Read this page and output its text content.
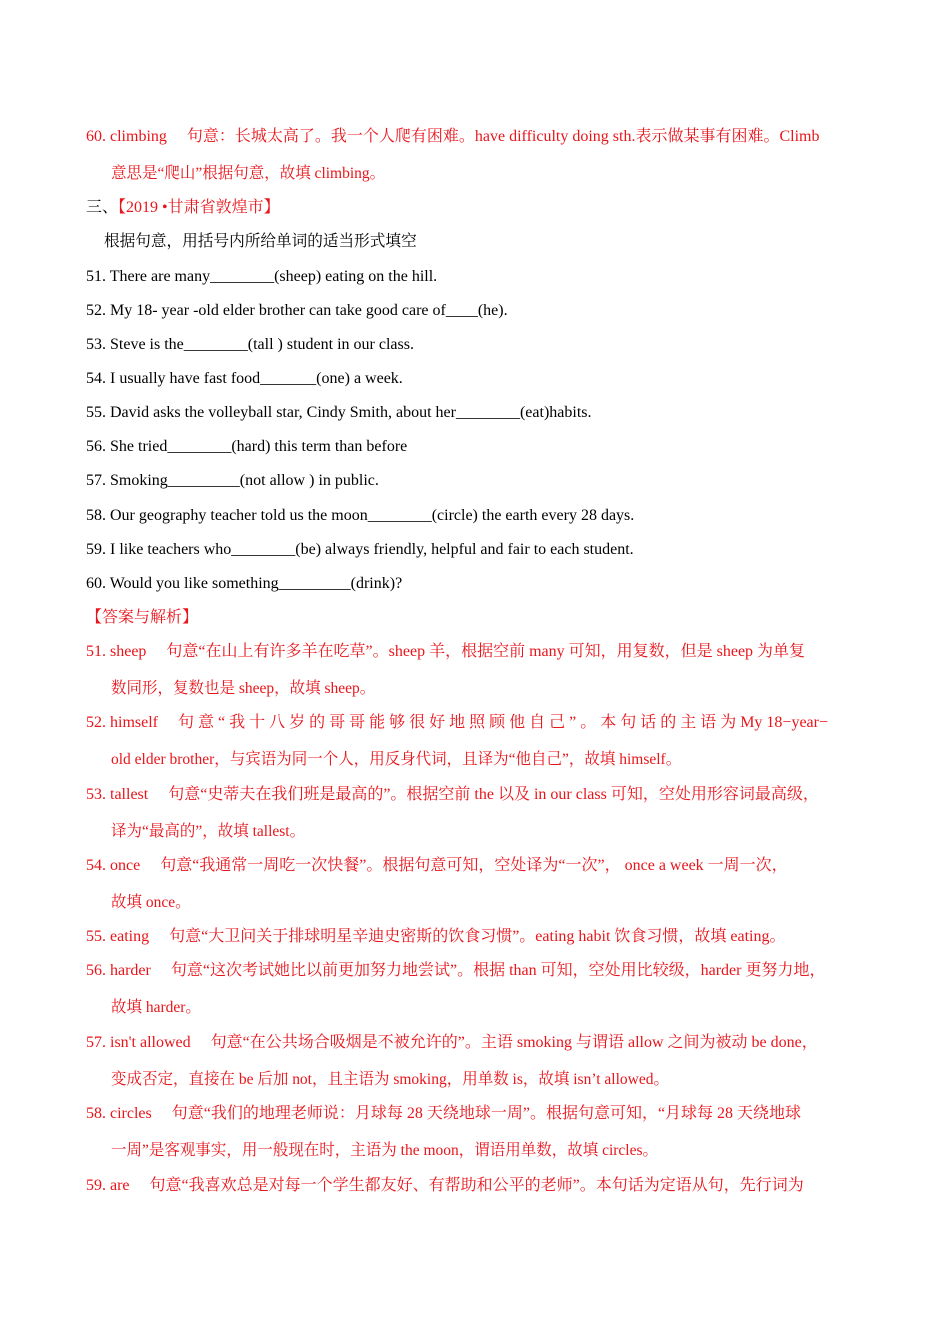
60. climbing　 句意：长城太高了。我一个人爬有困难。have difficulty doing sth.表示做某事有困难。Climb
意思是“爬山”根据句意，故填 climbing。
三、【2019 •甘肃省敦煌市】
根据句意，用括号内所给单词的适当形式填空
51. There are many________(sheep) eating on the hill.
52. My 18- year -old elder brother can take good care of____(he).
53. Steve is the________(tall ) student in our class.
54. I usually have fast food_______(one) a week.
55. David asks the volleyball star, Cindy Smith, about her________(eat)habits.
56. She tried________(hard) this term than before
57. Smoking_________(not allow ) in public.
58. Our geography teacher told us the moon________(circle) the earth every 28 days.
59. I like teachers who________(be) always friendly, helpful and fair to each student.
60. Would you like something_________(drink)?
【答案与解析】
51. sheep　 句意“在山上有许多羊在吃草”。sheep 羊，根据空前 many 可知，用复数，但是 sheep 为单复
数同形，复数也是 sheep，故填 sheep。
52. himself　 句 意 “ 我 十 八 岁 的 哥 哥 能 够 很 好 地 照 顾 他 自 己 ” 。 本 句 话 的 主 语 为 My 18−year−
old elder brother，与宾语为同一个人，用反身代词，且译为“他自己”，故填 himself。
53. tallest　 句意“史蒂夫在我们班是最高的”。根据空前 the 以及 in our class 可知，空处用形容词最高级，
译为“最高的”，故填 tallest。
54. once　 句意“我通常一周吃一次快餐”。根据句意可知，空处译为“一次”， once a week 一周一次，
故填 once。
55. eating　 句意“大卫问关于排球明星辛迪史密斯的饮食习惯”。eating habit 饮食习惯，故填 eating。
56. harder　 句意“这次考试她比以前更加努力地尝试”。根据 than 可知，空处用比较级，harder 更努力地，
故填 harder。
57. isn't allowed　 句意“在公共场合吸烟是不被允许的”。主语 smoking 与谓语 allow 之间为被动 be done，
变成否定，直接在 be 后加 not，且主语为 smoking，用单数 is，故填 isn’t allowed。
58. circles　 句意“我们的地理老师说：月球每 28 天绕地球一周”。根据句意可知，“月球每 28 天绕地球
一周”是客观事实，用一般现在时，主语为 the moon，谓语用单数，故填 circles。
59. are　 句意“我喜欢总是对每一个学生都友好、有帮助和公平的老师”。本句话为定语从句，先行词为
